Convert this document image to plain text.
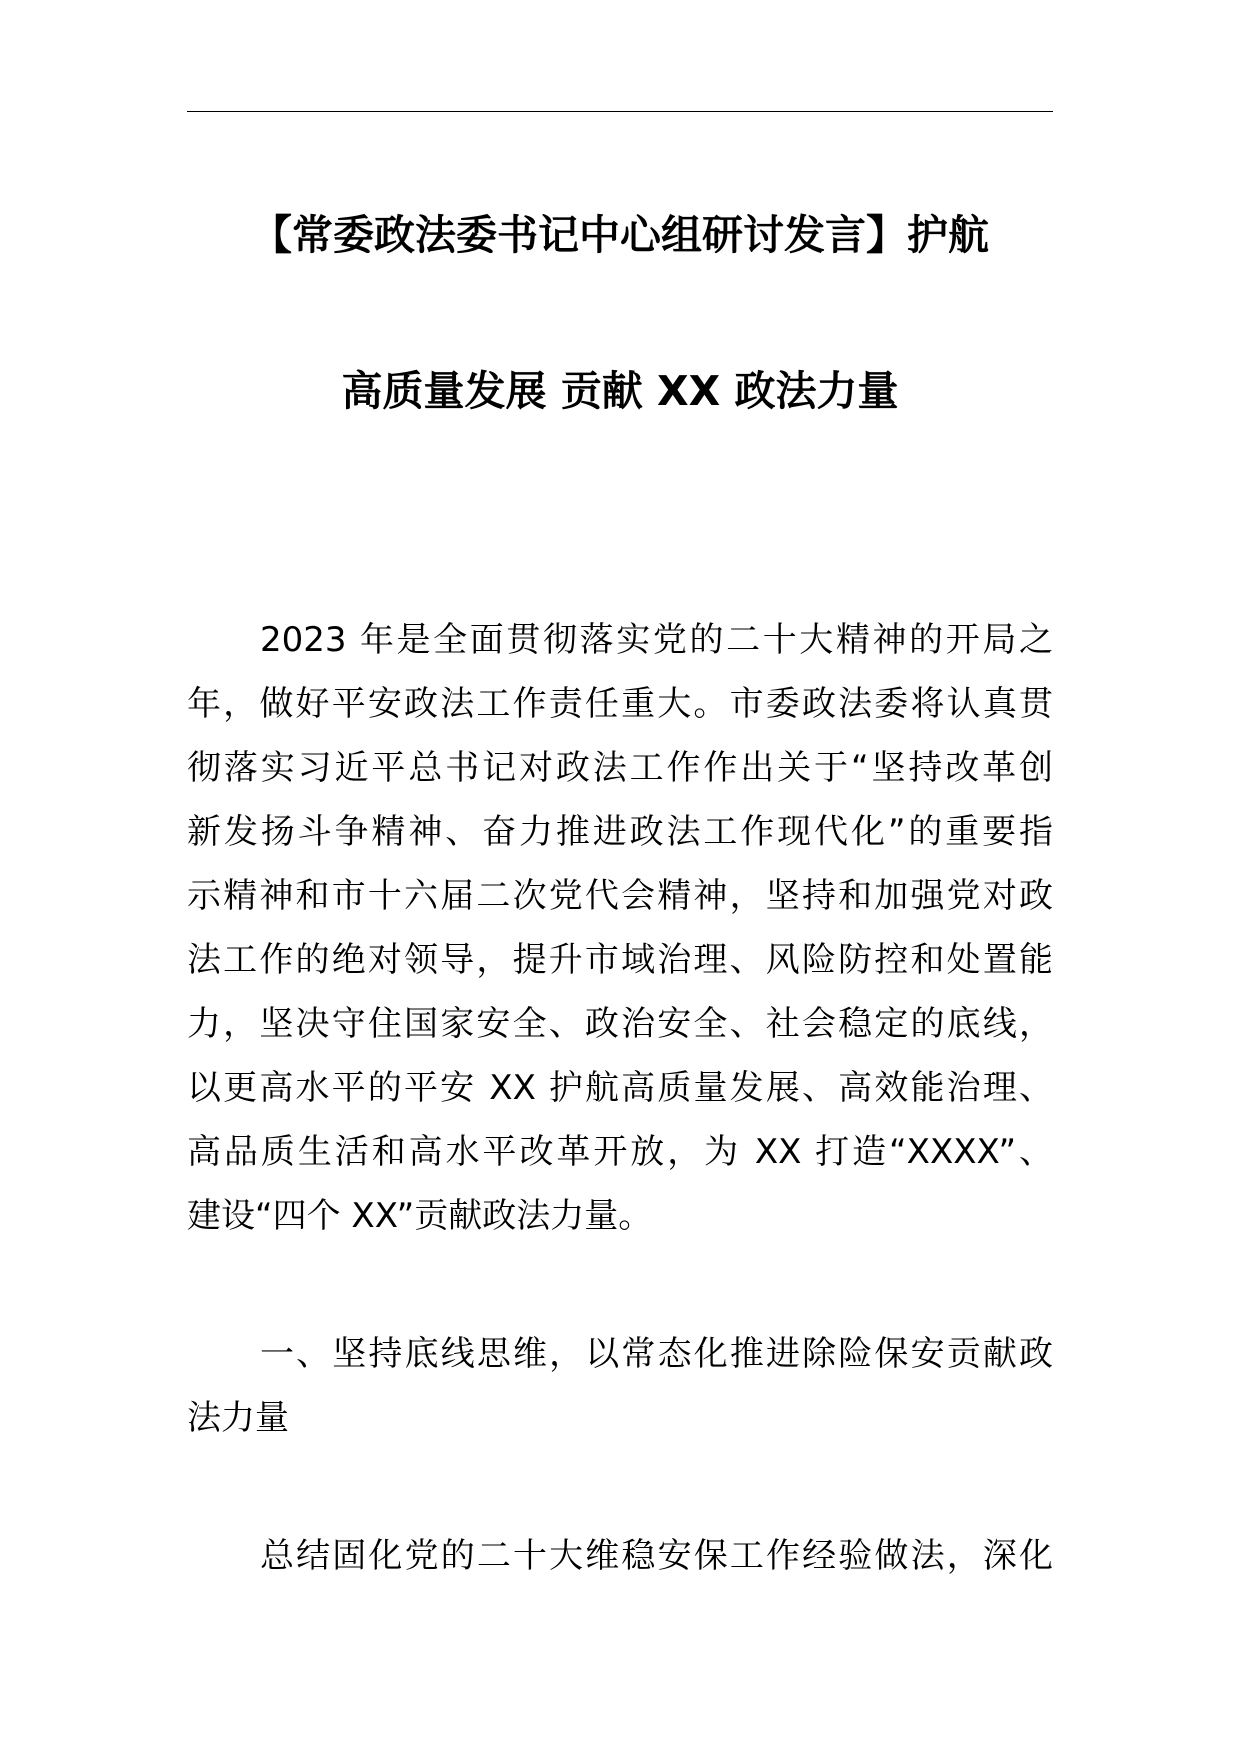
【常委政法委书记中心组研讨发言】护航
高质量发展 贡献 XX 政法力量

2023 年是全面贯彻落实党的二十大精神的开局之

年，做好平安政法工作责任重大。市委政法委将认真贯

彻落实习近平总书记对政法工作作出关于“坚持改革创

新发扬斗争精神、奋力推进政法工作现代化”的重要指

示精神和市十六届二次党代会精神，坚持和加强党对政

法工作的绝对领导，提升市域治理、风险防控和处置能

力，坚决守住国家安全、政治安全、社会稳定的底线，

以更高水平的平安 XX 护航高质量发展、高效能治理、

高品质生活和高水平改革开放，为 XX 打造“XXXX”、

建设“四个 XX”贡献政法力量。

一、坚持底线思维，以常态化推进除险保安贡献政

法力量

总结固化党的二十大维稳安保工作经验做法，深化
